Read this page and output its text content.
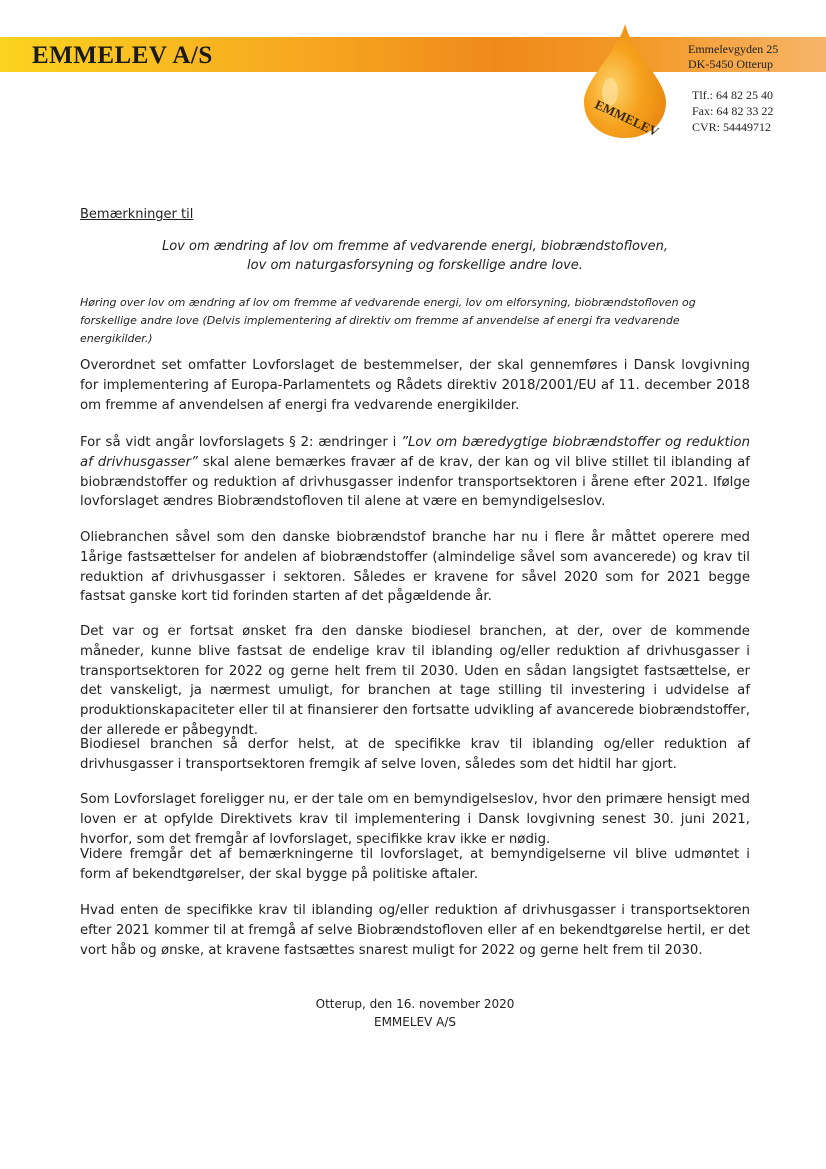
EMMELEV A/S
EMMELEV
Emmelevgyden 25
DK-5450 Otterup
Tlf.: 64 82 25 40
Fax: 64 82 33 22
CVR: 54449712
Bemærkninger til
Lov om ændring af lov om fremme af vedvarende energi, biobrændstofloven,
lov om naturgasforsyning og forskellige andre love.
Høring over lov om ændring af lov om fremme af vedvarende energi, lov om elforsyning, biobrændstofloven og forskellige andre love (Delvis implementering af direktiv om fremme af anvendelse af energi fra vedvarende energikilder.)
Overordnet set omfatter Lovforslaget de bestemmelser, der skal gennemføres i Dansk lovgivning for implementering af Europa-Parlamentets og Rådets direktiv 2018/2001/EU af 11. december 2018 om fremme af anvendelsen af energi fra vedvarende energikilder.
For så vidt angår lovforslagets § 2: ændringer i ”Lov om bæredygtige biobrændstoffer og reduktion af drivhusgasser” skal alene bemærkes fravær af de krav, der kan og vil blive stillet til iblanding af biobrændstoffer og reduktion af drivhusgasser indenfor transportsektoren i årene efter 2021. Ifølge lovforslaget ændres Biobrændstofloven til alene at være en bemyndigelseslov.
Oliebranchen såvel som den danske biobrændstof branche har nu i flere år måttet operere med 1årige fastsættelser for andelen af biobrændstoffer (almindelige såvel som avancerede) og krav til reduktion af drivhusgasser i sektoren. Således er kravene for såvel 2020 som for 2021 begge fastsat ganske kort tid forinden starten af det pågældende år.
Det var og er fortsat ønsket fra den danske biodiesel branchen, at der, over de kommende måneder, kunne blive fastsat de endelige krav til iblanding og/eller reduktion af drivhusgasser i transportsektoren for 2022 og gerne helt frem til 2030. Uden en sådan langsigtet fastsættelse, er det vanskeligt, ja nærmest umuligt, for branchen at tage stilling til investering i udvidelse af produktionskapaciteter eller til at finansierer den fortsatte udvikling af avancerede biobrændstoffer, der allerede er påbegyndt.
Biodiesel branchen så derfor helst, at de specifikke krav til iblanding og/eller reduktion af drivhusgasser i transportsektoren fremgik af selve loven, således som det hidtil har gjort.
Som Lovforslaget foreligger nu, er der tale om en bemyndigelseslov, hvor den primære hensigt med loven er at opfylde Direktivets krav til implementering i Dansk lovgivning senest 30. juni 2021, hvorfor, som det fremgår af lovforslaget, specifikke krav ikke er nødig.
Videre fremgår det af bemærkningerne til lovforslaget, at bemyndigelserne vil blive udmøntet i form af bekendtgørelser, der skal bygge på politiske aftaler.
Hvad enten de specifikke krav til iblanding og/eller reduktion af drivhusgasser i transportsektoren efter 2021 kommer til at fremgå af selve Biobrændstofloven eller af en bekendtgørelse hertil, er det vort håb og ønske, at kravene fastsættes snarest muligt for 2022 og gerne helt frem til 2030.
Otterup, den 16. november 2020
EMMELEV A/S
